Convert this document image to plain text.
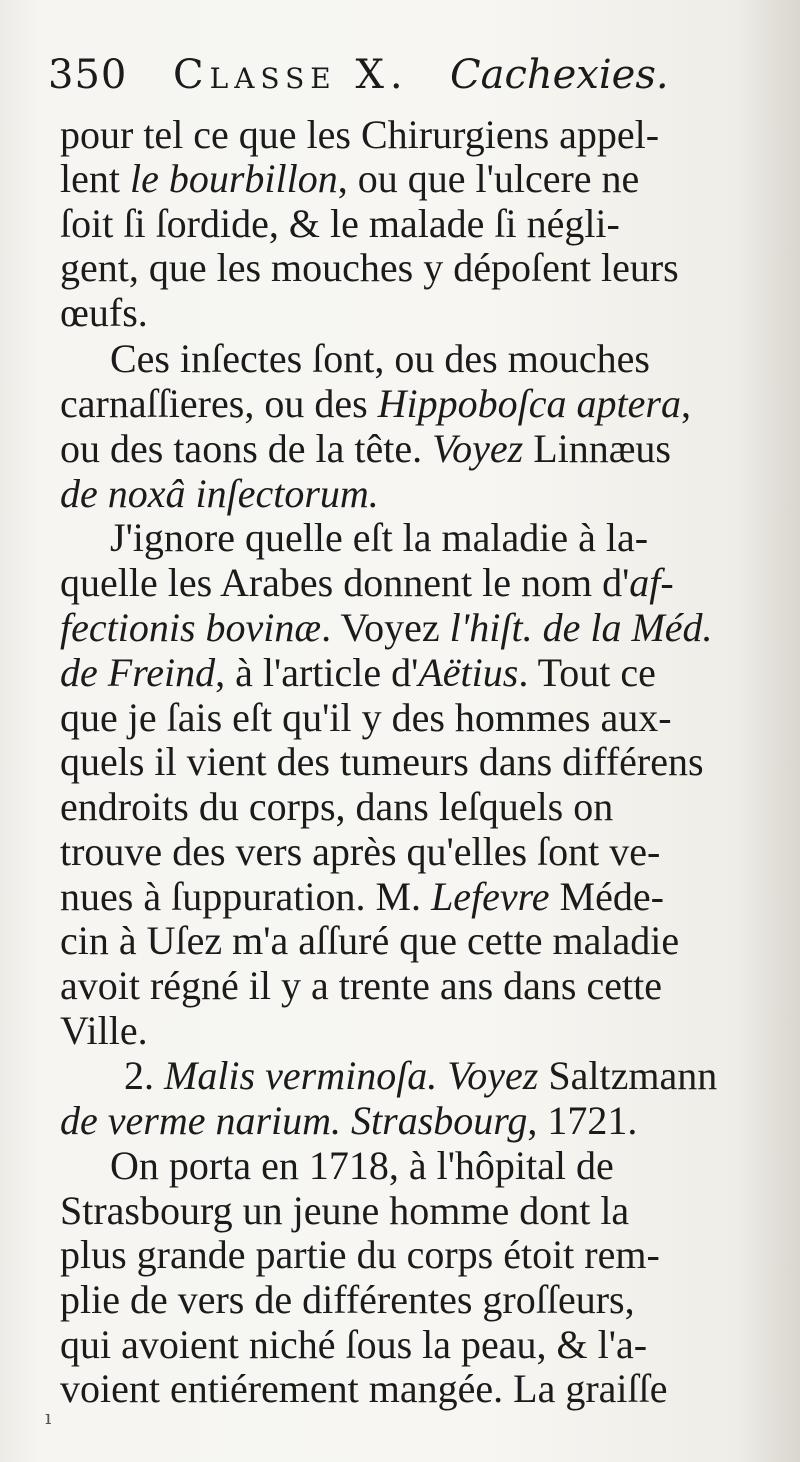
350 Classe X. Cachexies.
pour tel ce que les Chirurgiens appel-
lent le bourbillon, ou que l'ulcere ne
ſoit ſi ſordide, & le malade ſi négli-
gent, que les mouches y dépoſent leurs
œufs.
Ces inſectes ſont, ou des mouches
carnaſſieres, ou des Hippoboſca aptera,
ou des taons de la tête. Voyez Linnæus
de noxâ inſectorum.
J'ignore quelle eſt la maladie à la-
quelle les Arabes donnent le nom d'af-
fectionis bovinæ. Voyez l'hiſt. de la Méd.
de Freind, à l'article d'Aëtius. Tout ce
que je ſais eſt qu'il y des hommes aux-
quels il vient des tumeurs dans différens
endroits du corps, dans leſquels on
trouve des vers après qu'elles ſont ve-
nues à ſuppuration. M. Lefevre Méde-
cin à Uſez m'a aſſuré que cette maladie
avoit régné il y a trente ans dans cette
Ville.
2. Malis verminoſa. Voyez Saltzmann
de verme narium. Strasbourg, 1721.
On porta en 1718, à l'hôpital de
Strasbourg un jeune homme dont la
plus grande partie du corps étoit rem-
plie de vers de différentes groſſeurs,
qui avoient niché ſous la peau, & l'a-
voient entiérement mangée. La graiſſe
ı
